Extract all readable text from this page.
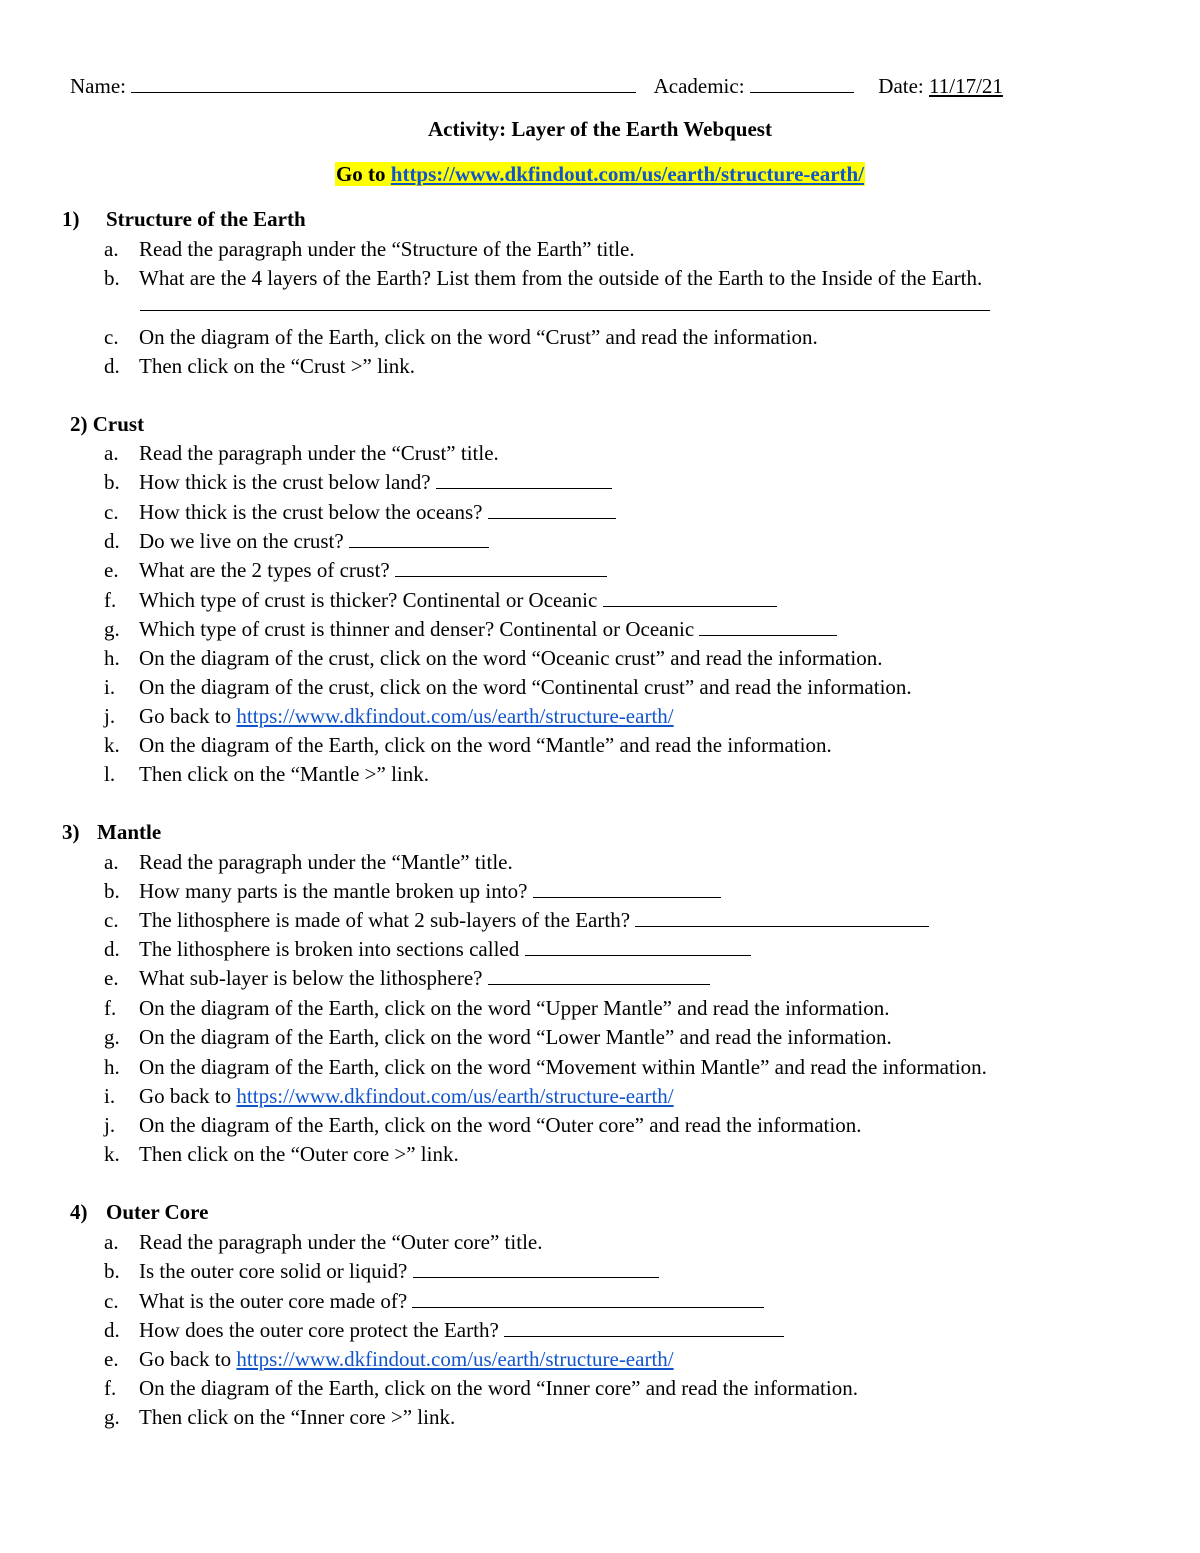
Name:	Academic:	Date: 11/17/21
Activity: Layer of the Earth Webquest
Go to https://www.dkfindout.com/us/earth/structure-earth/
1) Structure of the Earth
a. Read the paragraph under the “Structure of the Earth” title.
b. What are the 4 layers of the Earth? List them from the outside of the Earth to the Inside of the Earth.
c. On the diagram of the Earth, click on the word “Crust” and read the information.
d. Then click on the “Crust >” link.
2) Crust
a. Read the paragraph under the “Crust” title.
b. How thick is the crust below land?
c. How thick is the crust below the oceans?
d. Do we live on the crust?
e. What are the 2 types of crust?
f. Which type of crust is thicker? Continental or Oceanic
g. Which type of crust is thinner and denser? Continental or Oceanic
h. On the diagram of the crust, click on the word “Oceanic crust” and read the information.
i. On the diagram of the crust, click on the word “Continental crust” and read the information.
j. Go back to https://www.dkfindout.com/us/earth/structure-earth/
k. On the diagram of the Earth, click on the word “Mantle” and read the information.
l. Then click on the “Mantle >” link.
3) Mantle
a. Read the paragraph under the “Mantle” title.
b. How many parts is the mantle broken up into?
c. The lithosphere is made of what 2 sub-layers of the Earth?
d. The lithosphere is broken into sections called
e. What sub-layer is below the lithosphere?
f. On the diagram of the Earth, click on the word “Upper Mantle” and read the information.
g. On the diagram of the Earth, click on the word “Lower Mantle” and read the information.
h. On the diagram of the Earth, click on the word “Movement within Mantle” and read the information.
i. Go back to https://www.dkfindout.com/us/earth/structure-earth/
j. On the diagram of the Earth, click on the word “Outer core” and read the information.
k. Then click on the “Outer core >” link.
4) Outer Core
a. Read the paragraph under the “Outer core” title.
b. Is the outer core solid or liquid?
c. What is the outer core made of?
d. How does the outer core protect the Earth?
e. Go back to https://www.dkfindout.com/us/earth/structure-earth/
f. On the diagram of the Earth, click on the word “Inner core” and read the information.
g. Then click on the “Inner core >” link.
